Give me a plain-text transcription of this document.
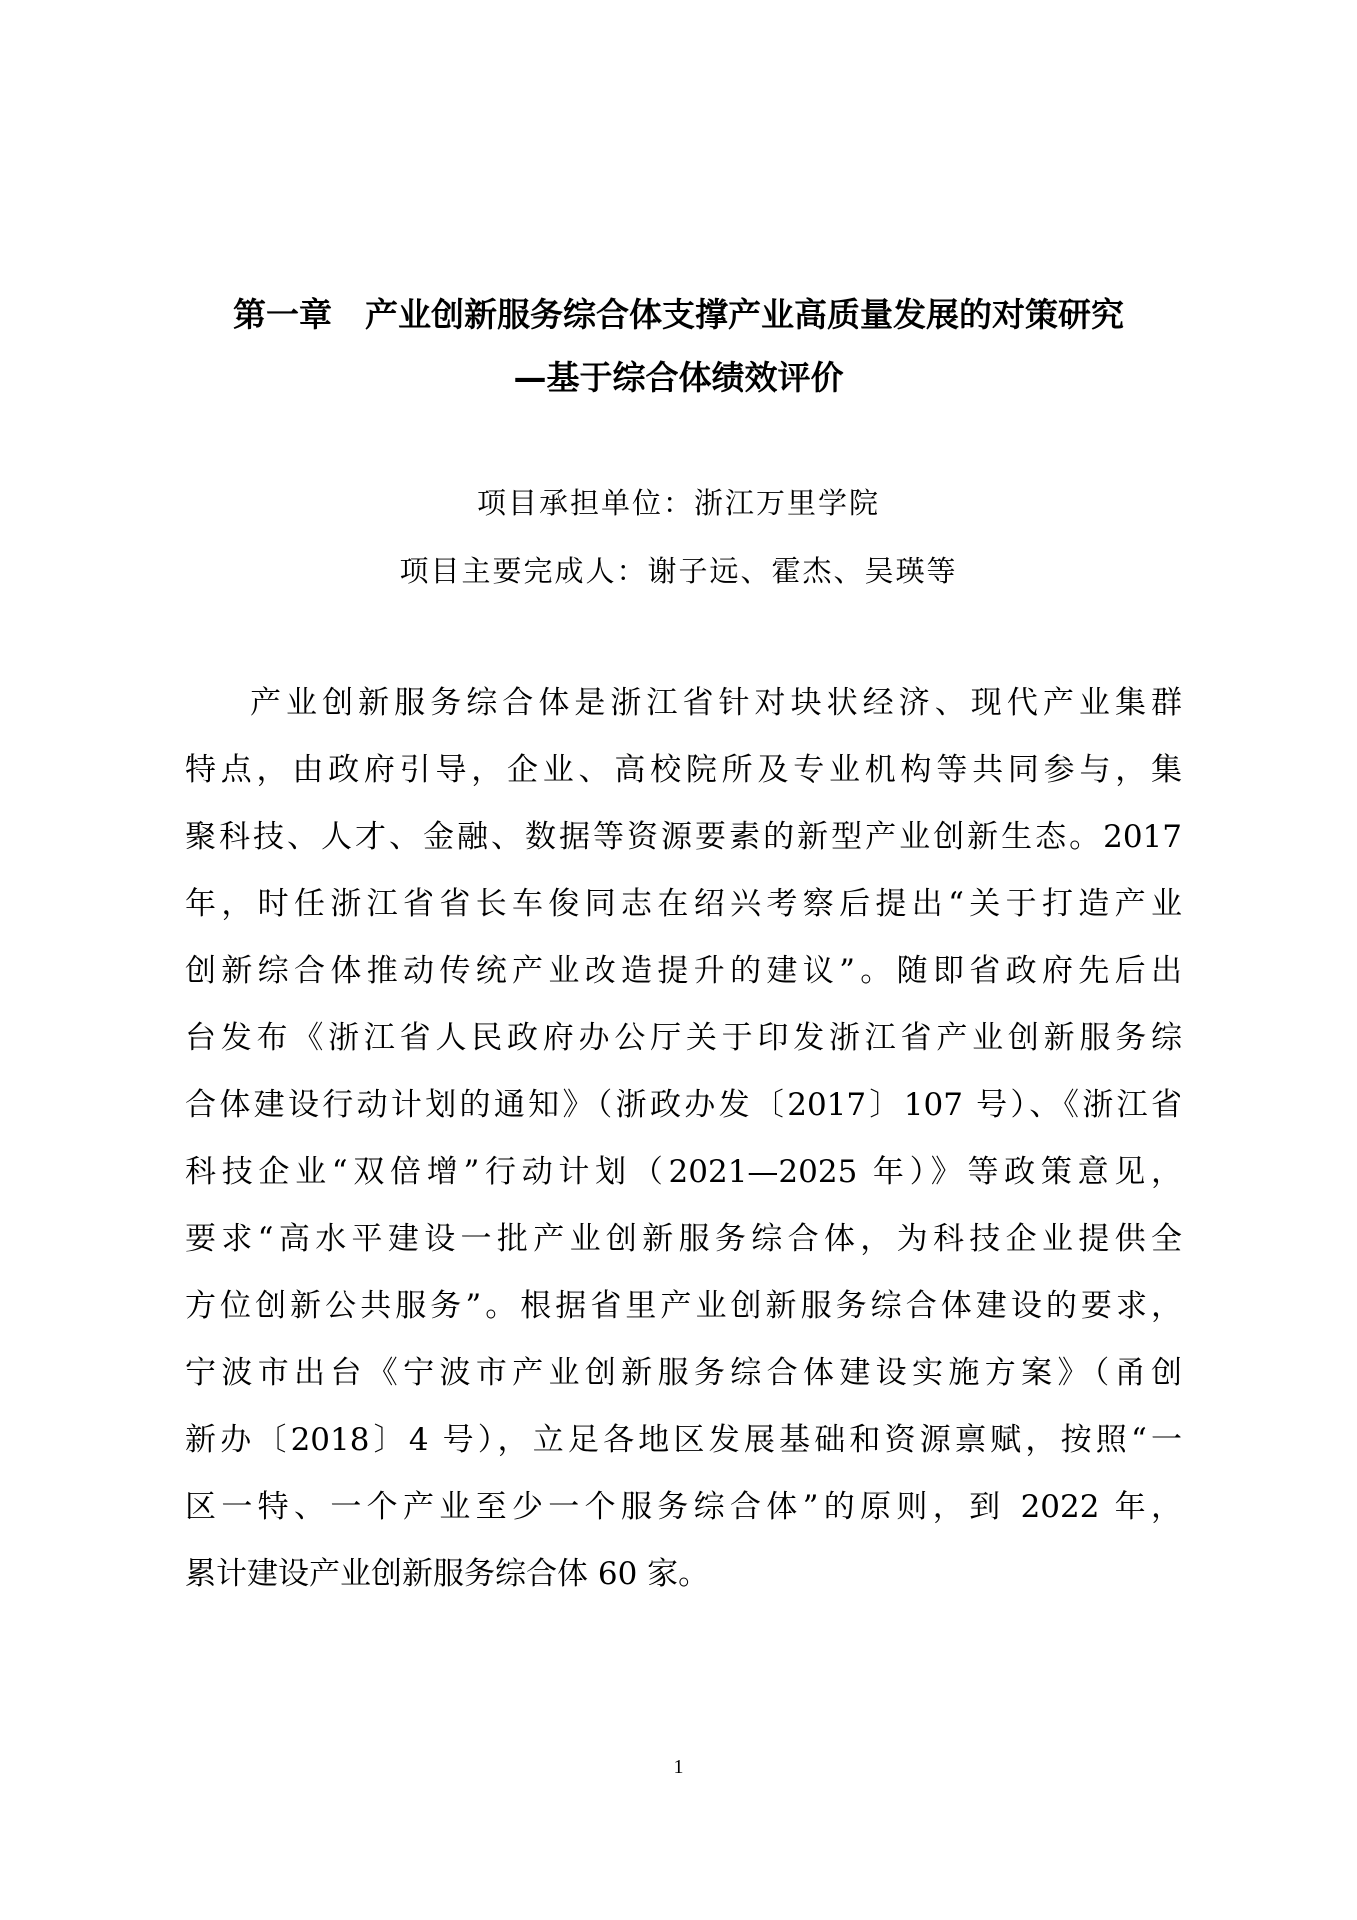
第一章　产业创新服务综合体支撑产业高质量发展的对策研究
—基于综合体绩效评价
项目承担单位：浙江万里学院
项目主要完成人：谢子远、霍杰、吴瑛等
产业创新服务综合体是浙江省针对块状经济、现代产业集群
特点，由政府引导，企业、高校院所及专业机构等共同参与，集
聚科技、人才、金融、数据等资源要素的新型产业创新生态。2017
年，时任浙江省省长车俊同志在绍兴考察后提出“关于打造产业
创新综合体推动传统产业改造提升的建议”。随即省政府先后出
台发布《浙江省人民政府办公厅关于印发浙江省产业创新服务综
合体建设行动计划的通知》（浙政办发〔2017〕107 号）、《浙江省
科技企业“双倍增”行动计划（2021—2025 年）》等政策意见，
要求“高水平建设一批产业创新服务综合体，为科技企业提供全
方位创新公共服务”。根据省里产业创新服务综合体建设的要求，
宁波市出台《宁波市产业创新服务综合体建设实施方案》（甬创
新办〔2018〕4 号），立足各地区发展基础和资源禀赋，按照“一
区一特、一个产业至少一个服务综合体”的原则，到 2022 年，
累计建设产业创新服务综合体 60 家。
1
